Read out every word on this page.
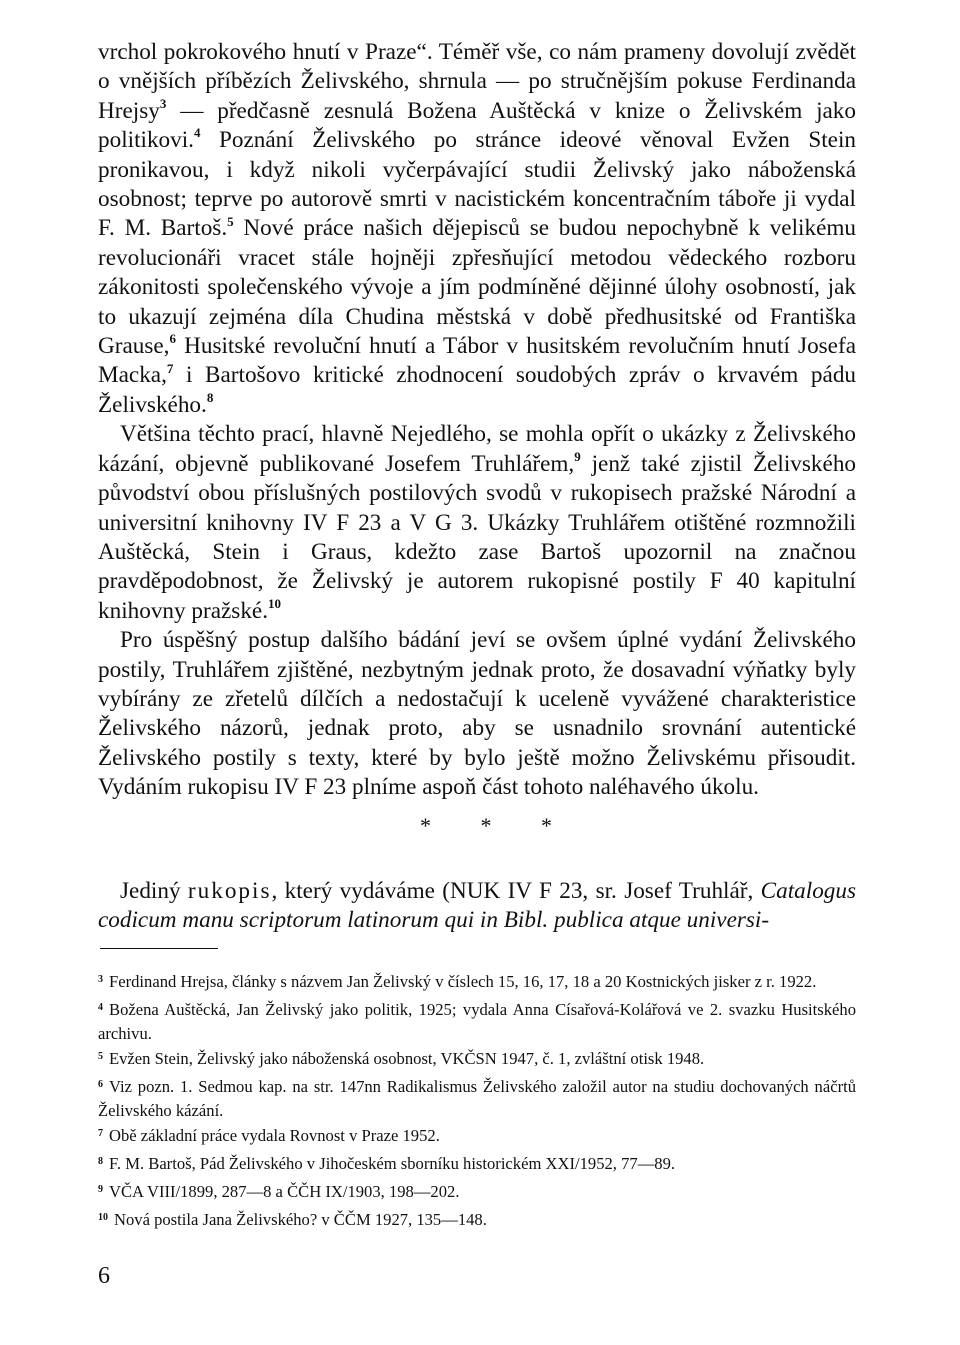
vrchol pokrokového hnutí v Praze“. Téměř vše, co nám prameny dovolují zvědět o vnějších příbězích Želivského, shrnula — po stručnějším pokuse Ferdinanda Hrejsy$^3$ — předčasně zesnulá Božena Auštěcká v knize o Želivském jako politikovi.$^4$ Poznání Želivského po stránce ideové věnoval Evžen Stein pronikavou, i když nikoli vyčerpávající studii Želivský jako náboženská osobnost; teprve po autorově smrti v nacistickém koncentračním táboře ji vydal F. M. Bartoš.$^5$ Nové práce našich dějepisců se budou nepochybně k velikému revolucionáři vracet stále hojněji zpřesňující metodou vědeckého rozboru zákonitosti společenského vývoje a jím podmíněné dějinné úlohy osobností, jak to ukazují zejména díla Chudina městská v době předhusitské od Františka Grause,$^6$ Husitské revoluční hnutí a Tábor v husitském revolučním hnutí Josefa Macka,$^7$ i Bartošovo kritické zhodnocení soudobých zpráv o krvavém pádu Želivského.$^8$

Většina těchto prací, hlavně Nejedlého, se mohla opřít o ukázky z Želivského kázání, objevně publikované Josefem Truhlářem,$^9$ jenž také zjistil Želivského původství obou příslušných postilových svodů v rukopisech pražské Národní a universitní knihovny IV F 23 a V G 3. Ukázky Truhlářem otištěné rozmnožili Auštěcká, Stein i Graus, kdežto zase Bartoš upozornil na značnou pravděpodobnost, že Želivský je autorem rukopisné postily F 40 kapitulní knihovny pražské.$^{10}$

Pro úspěšný postup dalšího bádání jeví se ovšem úplné vydání Želivského postily, Truhlářem zjištěné, nezbytným jednak proto, že dosavadní výňatky byly vybírány ze zřetelů dílčích a nedostačují k uceleně vyvážené charakteristice Želivského názorů, jednak proto, aby se usnadnilo srovnání autentické Želivského postily s texty, které by bylo ještě možno Želivskému přisoudit. Vydáním rukopisu IV F 23 plníme aspoň část tohoto naléhavého úkolu.

* * *

Jediný rukopis, který vydáváme (NUK IV F 23, sr. Josef Truhlář, Catalogus codicum manu scriptorum latinorum qui in Bibl. publica atque universi-

$^3$ Ferdinand Hrejsa, články s názvem Jan Želivský v číslech 15, 16, 17, 18 a 20 Kostnických jisker z r. 1922.

$^4$ Božena Auštěcká, Jan Želivský jako politik, 1925; vydala Anna Císařová-Kolářová ve 2. svazku Husitského archivu.

$^5$ Evžen Stein, Želivský jako náboženská osobnost, VKČSN 1947, č. 1, zvláštní otisk 1948.

$^6$ Viz pozn. 1. Sedmou kap. na str. 147nn Radikalismus Želivského založil autor na studiu dochovaných náčrtů Želivského kázání.

$^7$ Obě základní práce vydala Rovnost v Praze 1952.

$^8$ F. M. Bartoš, Pád Želivského v Jihočeském sborníku historickém XXI/1952, 77—89.

$^9$ VČA VIII/1899, 287—8 a ČČH IX/1903, 198—202.

$^{10}$ Nová postila Jana Želivského? v ČČM 1927, 135—148.

6
